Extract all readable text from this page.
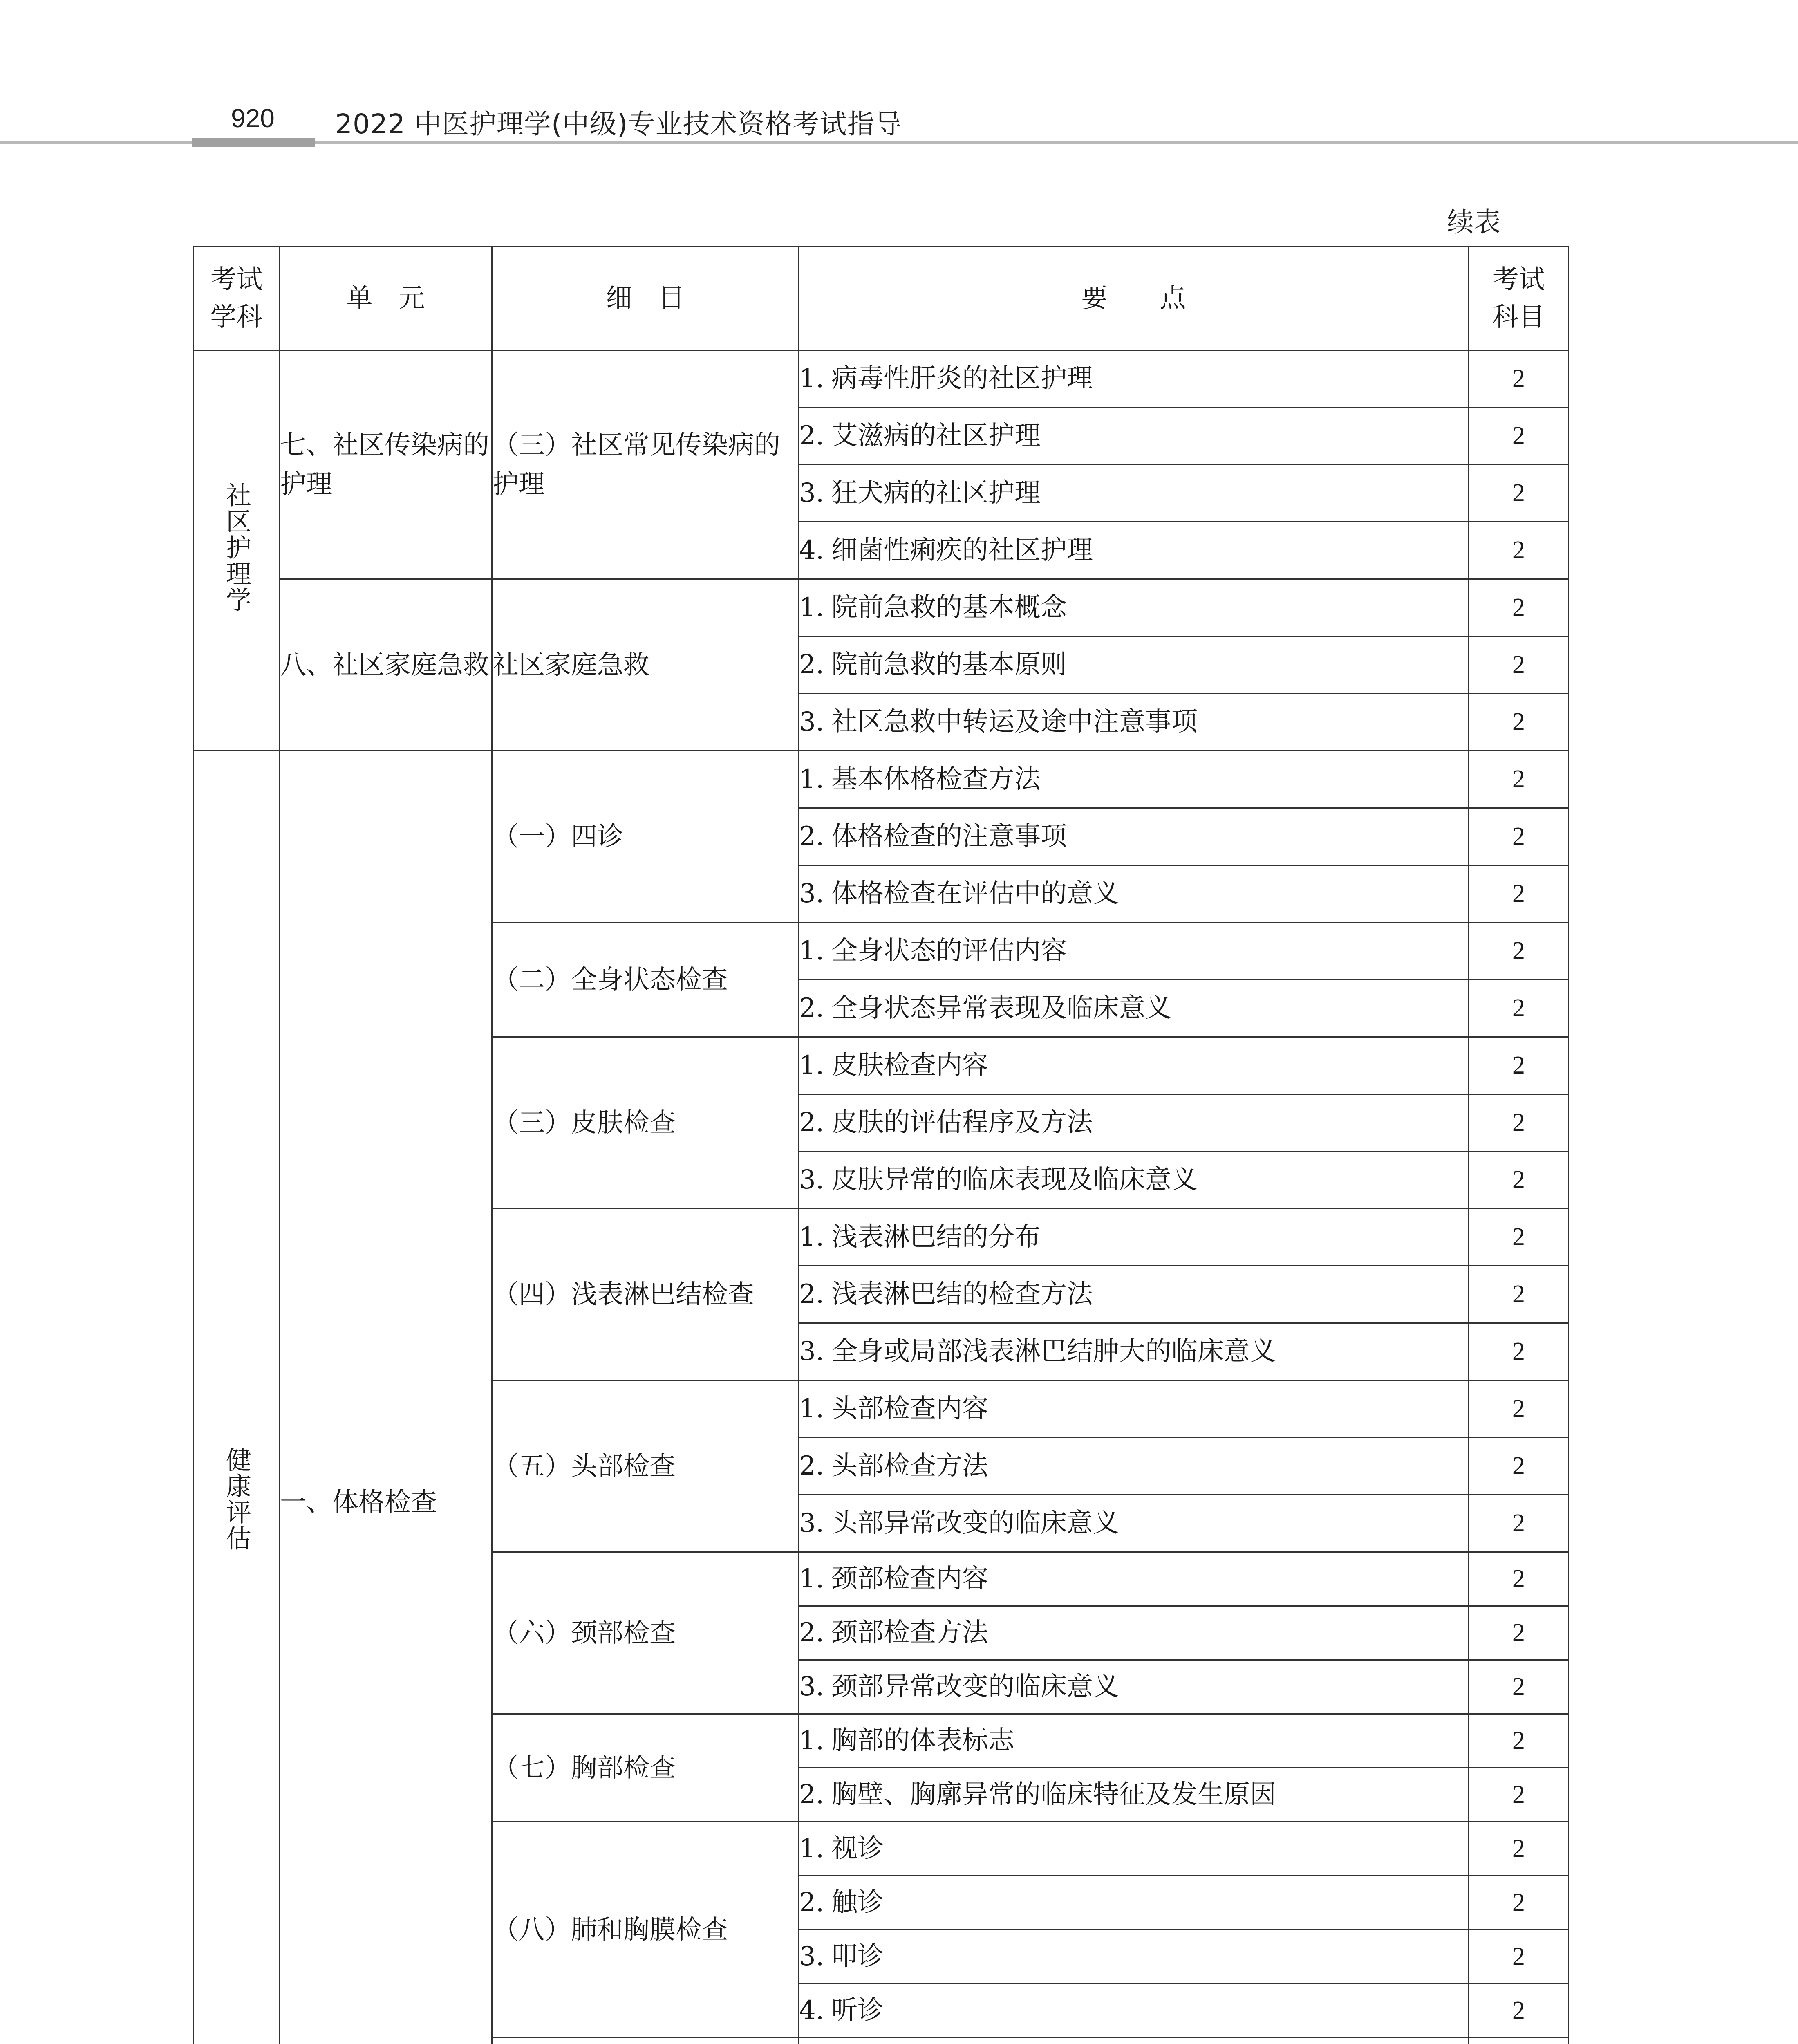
920 2022 中医护理学(中级)专业技术资格考试指导
续表
考试学科	单　元	细　目	要　　点	考试科目

社区护理学	七、社区传染病的护理	（三）社区常见传染病的护理	1. 病毒性肝炎的社区护理	2
			2. 艾滋病的社区护理	2
			3. 狂犬病的社区护理	2
			4. 细菌性痢疾的社区护理	2
	八、社区家庭急救	社区家庭急救	1. 院前急救的基本概念	2
			2. 院前急救的基本原则	2
			3. 社区急救中转运及途中注意事项	2
健康评估	一、体格检查	（一）四诊	1. 基本体格检查方法	2
			2. 体格检查的注意事项	2
			3. 体格检查在评估中的意义	2
		（二）全身状态检查	1. 全身状态的评估内容	2
			2. 全身状态异常表现及临床意义	2
		（三）皮肤检查	1. 皮肤检查内容	2
			2. 皮肤的评估程序及方法	2
			3. 皮肤异常的临床表现及临床意义	2
		（四）浅表淋巴结检查	1. 浅表淋巴结的分布	2
			2. 浅表淋巴结的检查方法	2
			3. 全身或局部浅表淋巴结肿大的临床意义	2
		（五）头部检查	1. 头部检查内容	2
			2. 头部检查方法	2
			3. 头部异常改变的临床意义	2
		（六）颈部检查	1. 颈部检查内容	2
			2. 颈部检查方法	2
			3. 颈部异常改变的临床意义	2
		（七）胸部检查	1. 胸部的体表标志	2
			2. 胸壁、胸廓异常的临床特征及发生原因	2
		（八）肺和胸膜检查	1. 视诊	2
			2. 触诊	2
			3. 叩诊	2
			4. 听诊	2
